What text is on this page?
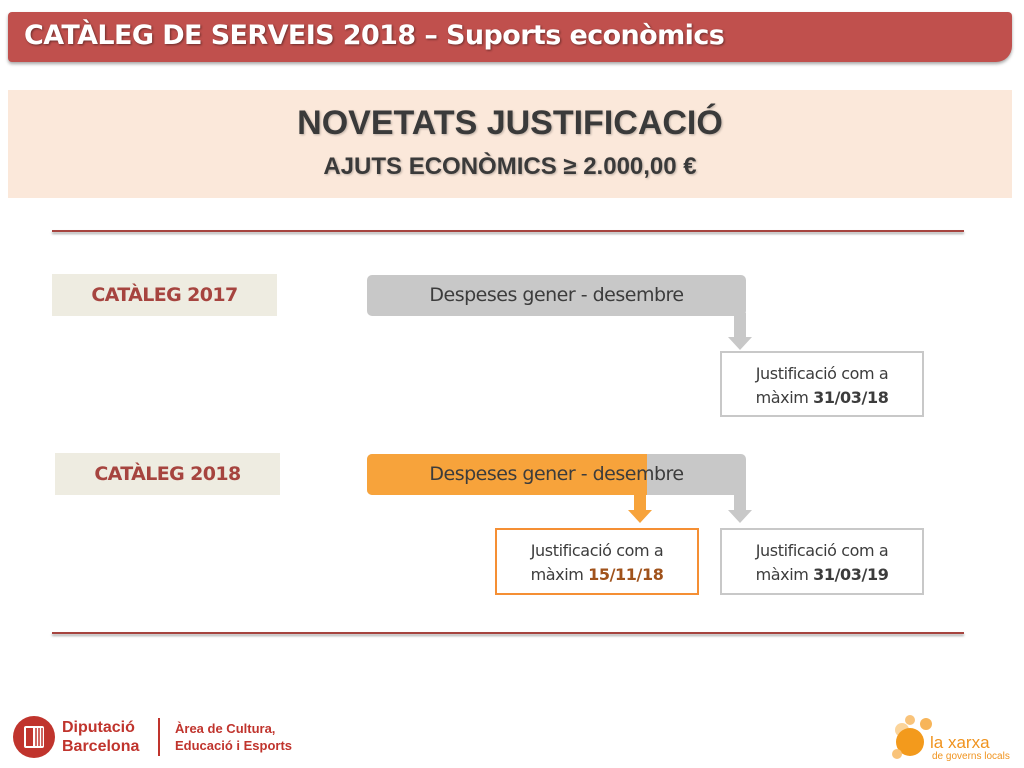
CATÀLEG DE SERVEIS 2018 – Suports econòmics
NOVETATS JUSTIFICACIÓ
AJUTS ECONÒMICS ≥ 2.000,00 €
CATÀLEG 2017	Despeses gener - desembre
Justificació com a
màxim 31/03/18
CATÀLEG 2018	Despeses gener - desembre
Justificació com a
màxim 15/11/18
Justificació com a
màxim 31/03/19
Diputació
Barcelona
Àrea de Cultura,
Educació i Esports	la xarxa
de governs locals
